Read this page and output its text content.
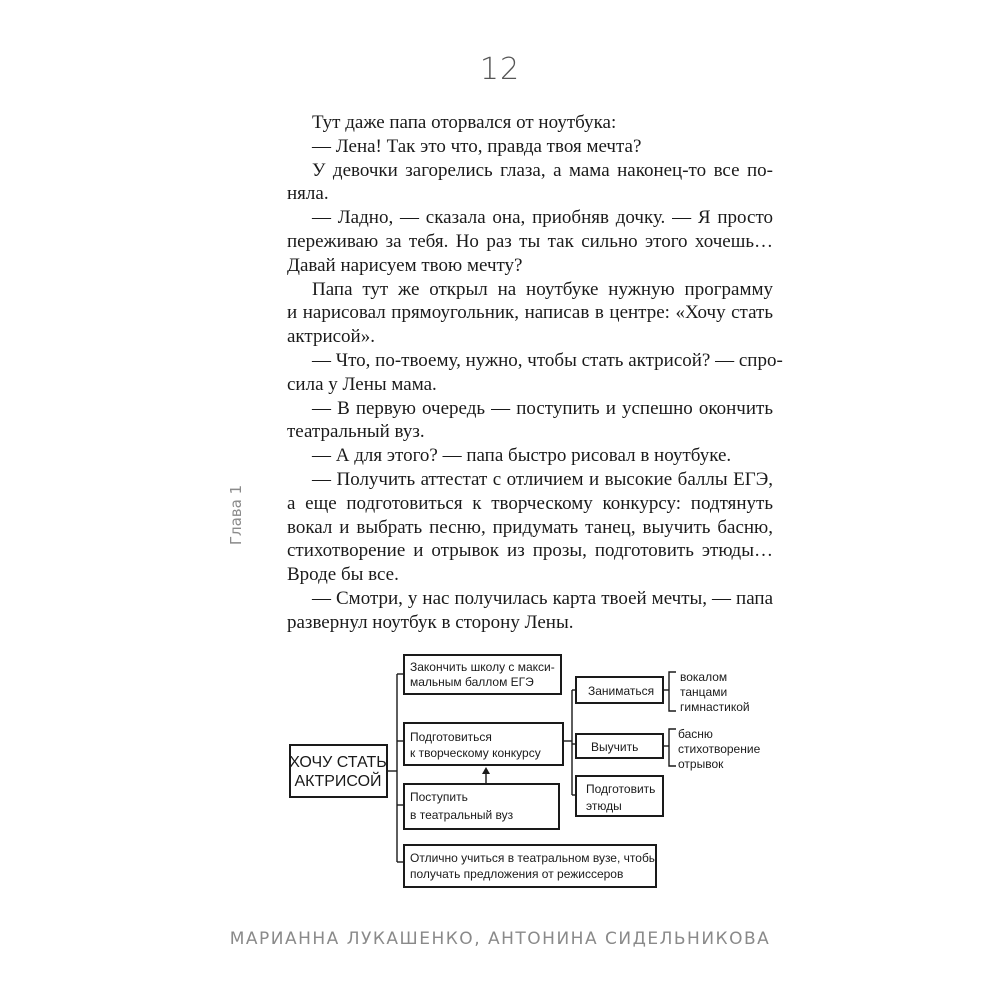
12
Глава 1
Тут даже папа оторвался от ноутбука:
— Лена! Так это что, правда твоя мечта?
У девочки загорелись глаза, а мама наконец-то все по-
няла.
— Ладно, — сказала она, приобняв дочку. — Я просто
переживаю за тебя. Но раз ты так сильно этого хочешь…
Давай нарисуем твою мечту?
Папа тут же открыл на ноутбуке нужную программу
и нарисовал прямоугольник, написав в центре: «Хочу стать
актрисой».
— Что, по-твоему, нужно, чтобы стать актрисой? — спро-
сила у Лены мама.
— В первую очередь — поступить и успешно окончить
театральный вуз.
— А для этого? — папа быстро рисовал в ноутбуке.
— Получить аттестат с отличием и высокие баллы ЕГЭ,
а еще подготовиться к творческому конкурсу: подтянуть
вокал и выбрать песню, придумать танец, выучить басню,
стихотворение и отрывок из прозы, подготовить этюды…
Вроде бы все.
— Смотри, у нас получилась карта твоей мечты, — папа
развернул ноутбук в сторону Лены.
ХОЧУ СТАТЬ
АКТРИСОЙ
Закончить школу с макси-
мальным баллом ЕГЭ
Подготовиться
к творческому конкурсу
Поступить
в театральный вуз
Отлично учиться в театральном вузе, чтобы
получать предложения от режиссеров
Заниматься
Выучить
Подготовить
этюды
вокалом
танцами
гимнастикой
басню
стихотворение
отрывок
МАРИАННА ЛУКАШЕНКО, АНТОНИНА СИДЕЛЬНИКОВА
